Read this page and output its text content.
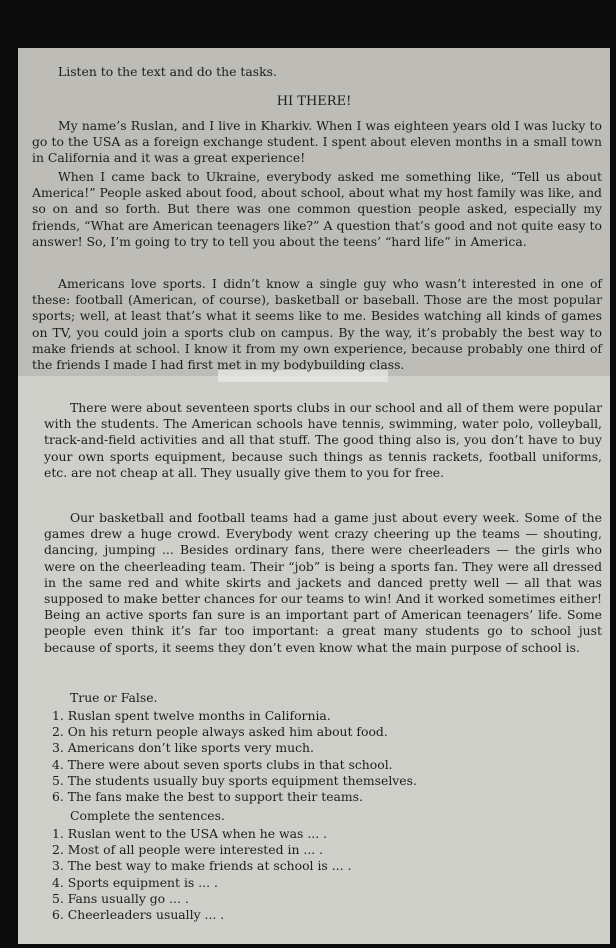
Listen to the text and do the tasks.

HI THERE!

My name’s Ruslan, and I live in Kharkiv. When I was eighteen years old I was lucky to go to the USA as a foreign exchange student. I spent about eleven months in a small town in California and it was a great experience!

When I came back to Ukraine, everybody asked me something like, “Tell us about America!” People asked about food, about school, about what my host family was like, and so on and so forth. But there was one common question people asked, especially my friends, “What are American teenagers like?” A question that’s good and not quite easy to answer! So, I’m going to try to tell you about the teens’ “hard life” in America.

Americans love sports. I didn’t know a single guy who wasn’t interested in one of these: football (American, of course), basketball or baseball. Those are the most popular sports; well, at least that’s what it seems like to me. Besides watching all kinds of games on TV, you could join a sports club on campus. By the way, it’s probably the best way to make friends at school. I know it from my own experience, because probably one third of the friends I made I had first met in my bodybuilding class.

There were about seventeen sports clubs in our school and all of them were popular with the students. The American schools have tennis, swimming, water polo, volleyball, track-and-field activities and all that stuff. The good thing also is, you don’t have to buy your own sports equipment, because such things as tennis rackets, football uniforms, etc. are not cheap at all. They usually give them to you for free.

Our basketball and football teams had a game just about every week. Some of the games drew a huge crowd. Everybody went crazy cheering up the teams — shouting, dancing, jumping ... Besides ordinary fans, there were cheerleaders — the girls who were on the cheerleading team. Their “job” is being a sports fan. They were all dressed in the same red and white skirts and jackets and danced pretty well — all that was supposed to make better chances for our teams to win! And it worked sometimes either! Being an active sports fan sure is an important part of American teenagers’ life. Some people even think it’s far too important: a great many students go to school just because of sports, it seems they don’t even know what the main purpose of school is.

True or False.

1. Ruslan spent twelve months in California.
2. On his return people always asked him about food.
3. Americans don’t like sports very much.
4. There were about seven sports clubs in that school.
5. The students usually buy sports equipment themselves.
6. The fans make the best to support their teams.

Complete the sentences.

1. Ruslan went to the USA when he was ... .
2. Most of all people were interested in ... .
3. The best way to make friends at school is ... .
4. Sports equipment is ... .
5. Fans usually go ... .
6. Cheerleaders usually ... .
